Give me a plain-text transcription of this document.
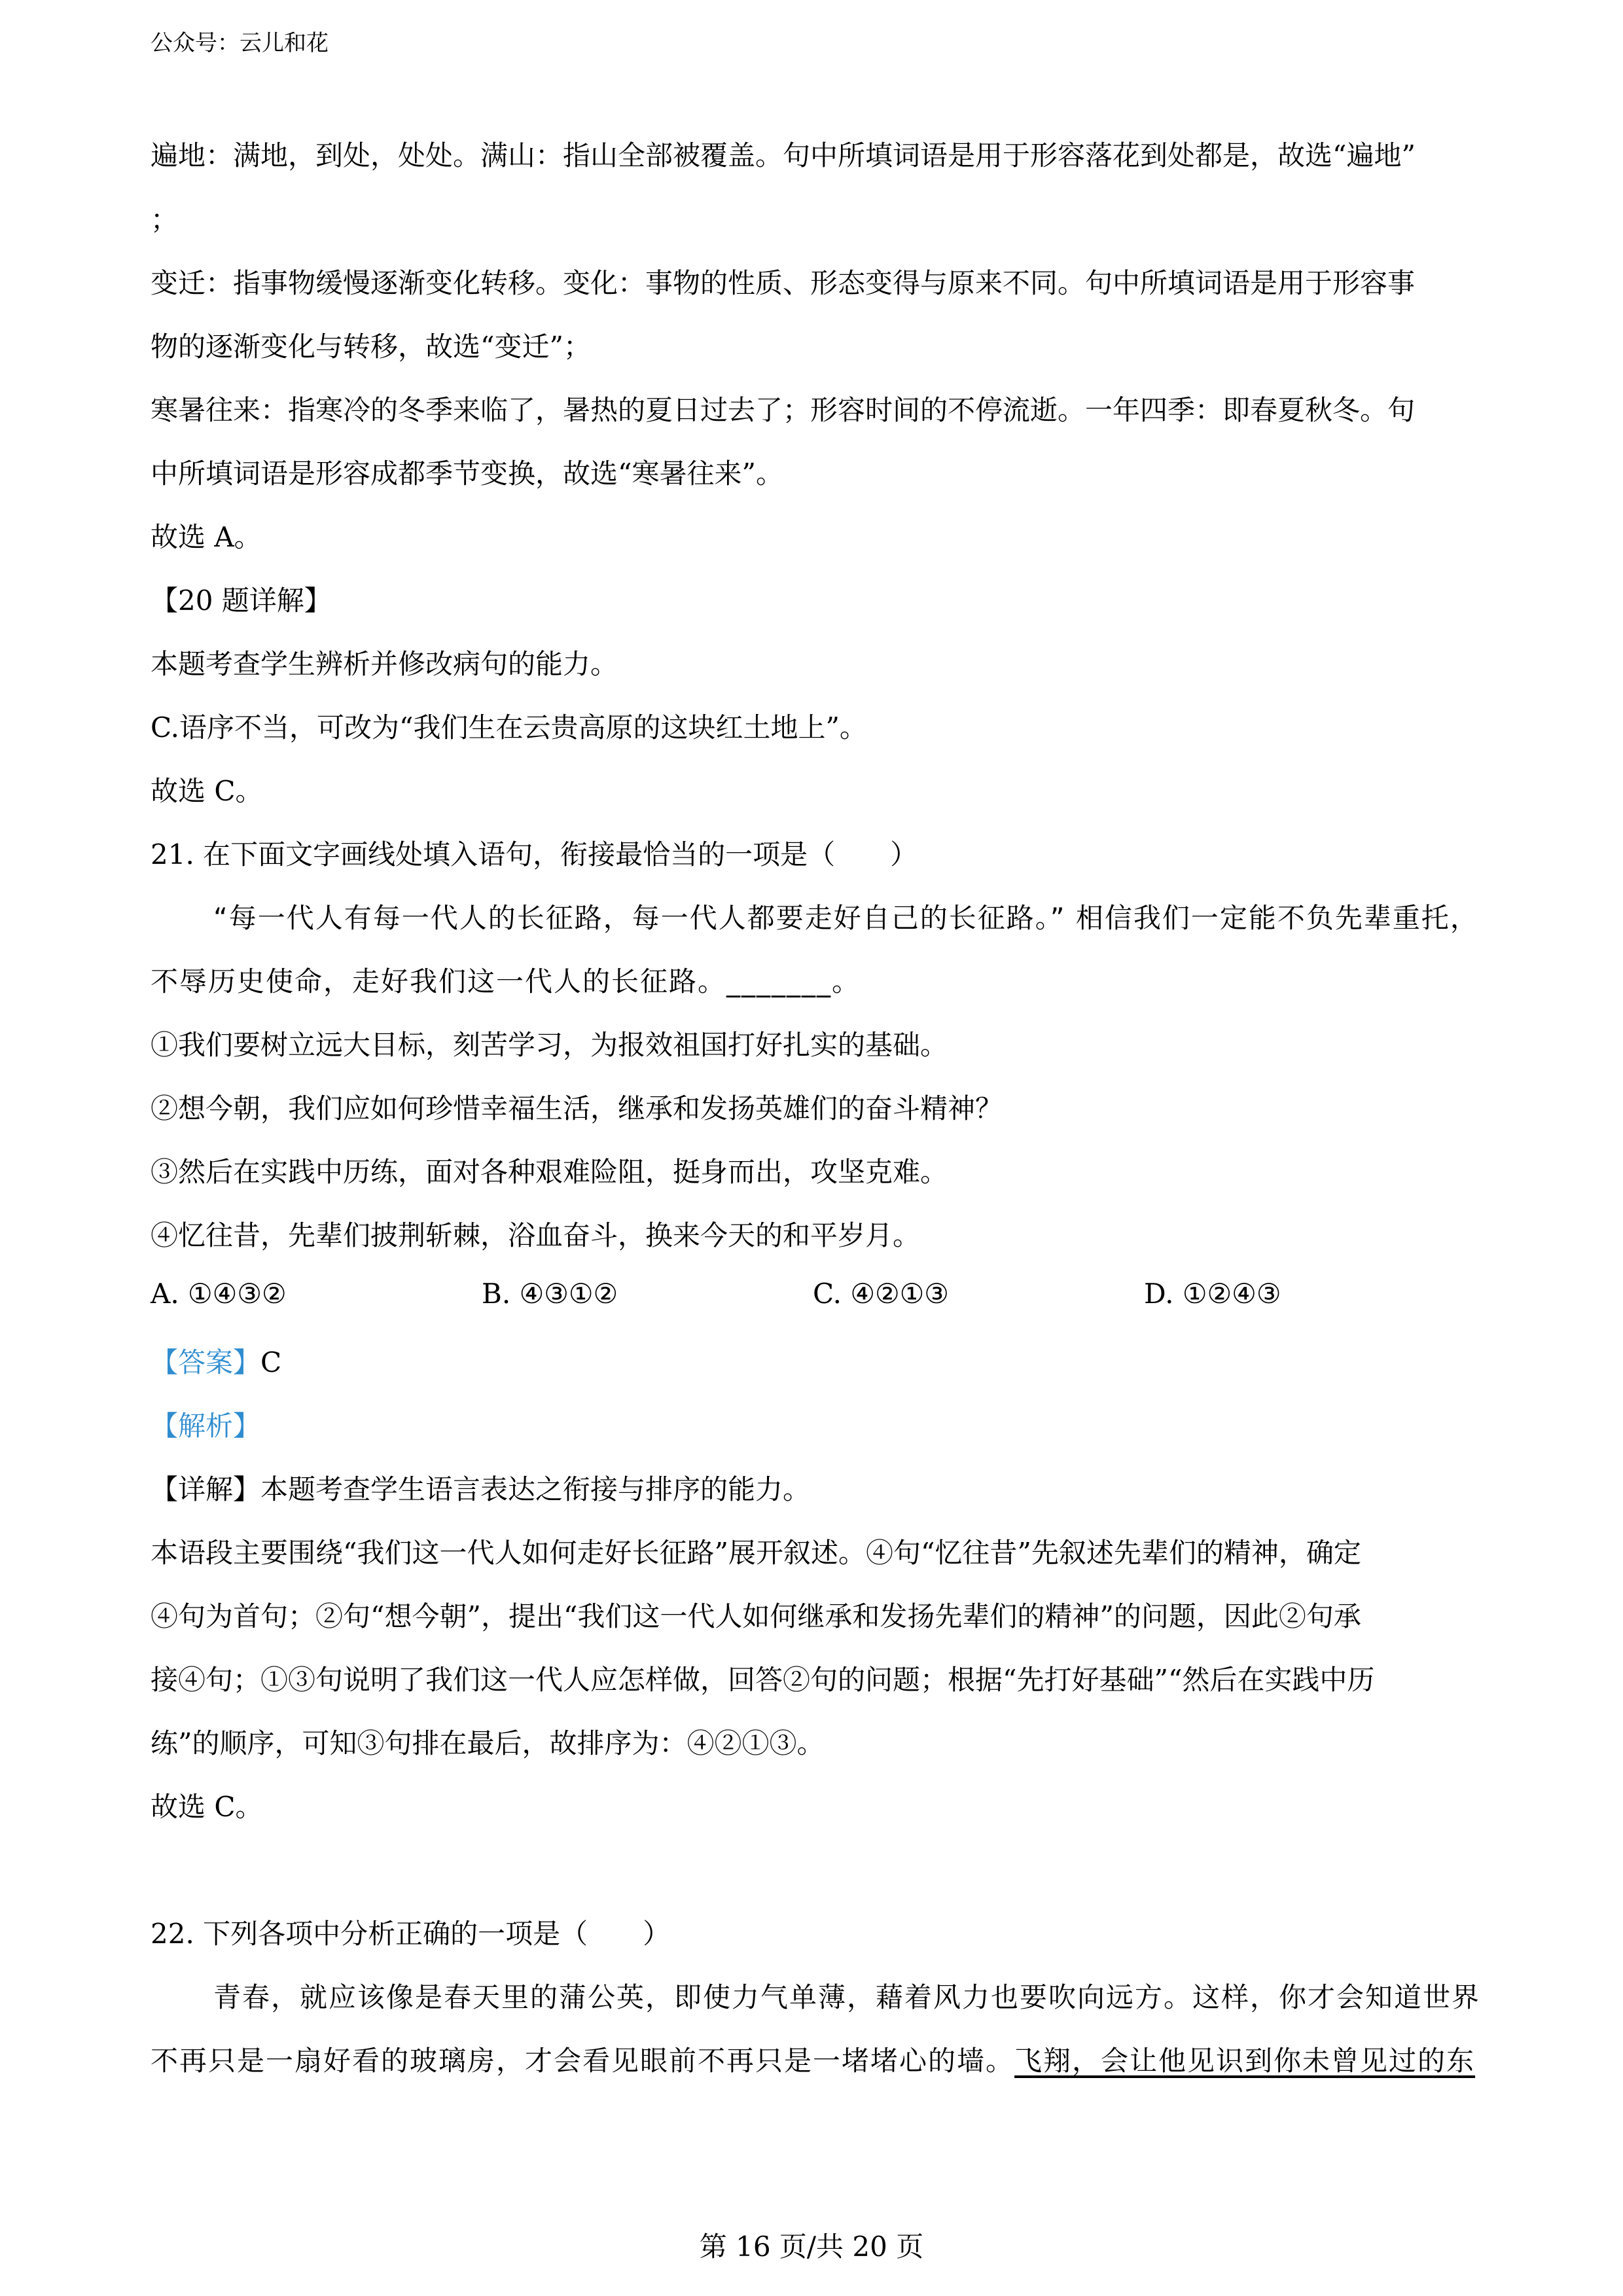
公众号：云儿和花
遍地：满地，到处，处处。满山：指山全部被覆盖。句中所填词语是用于形容落花到处都是，故选“遍地”
；
变迁：指事物缓慢逐渐变化转移。变化：事物的性质、形态变得与原来不同。句中所填词语是用于形容事
物的逐渐变化与转移，故选“变迁”；
寒暑往来：指寒冷的冬季来临了，暑热的夏日过去了；形容时间的不停流逝。一年四季：即春夏秋冬。句
中所填词语是形容成都季节变换，故选“寒暑往来”。
故选 A。
【20 题详解】
本题考查学生辨析并修改病句的能力。
C.语序不当，可改为“我们生在云贵高原的这块红土地上”。
故选 C。
21. 在下面文字画线处填入语句，衔接最恰当的一项是（　　）
“每一代人有每一代人的长征路，每一代人都要走好自己的长征路。” 相信我们一定能不负先辈重托，
不辱历史使命，走好我们这一代人的长征路。_______。
①我们要树立远大目标，刻苦学习，为报效祖国打好扎实的基础。
②想今朝，我们应如何珍惜幸福生活，继承和发扬英雄们的奋斗精神？
③然后在实践中历练，面对各种艰难险阻，挺身而出，攻坚克难。
④忆往昔，先辈们披荆斩棘，浴血奋斗，换来今天的和平岁月。
A. ①④③②	B. ④③①②	C. ④②①③	D. ①②④③
【答案】C
【解析】
【详解】本题考查学生语言表达之衔接与排序的能力。
本语段主要围绕“我们这一代人如何走好长征路”展开叙述。④句“忆往昔”先叙述先辈们的精神，确定
④句为首句；②句“想今朝”，提出“我们这一代人如何继承和发扬先辈们的精神”的问题，因此②句承
接④句；①③句说明了我们这一代人应怎样做，回答②句的问题；根据“先打好基础”“然后在实践中历
练”的顺序，可知③句排在最后，故排序为：④②①③。
故选 C。
22. 下列各项中分析正确的一项是（　　）
青春，就应该像是春天里的蒲公英，即使力气单薄，藉着风力也要吹向远方。这样，你才会知道世界
不再只是一扇好看的玻璃房，才会看见眼前不再只是一堵堵心的墙。飞翔，会让他见识到你未曾见过的东
第 16 页/共 20 页
